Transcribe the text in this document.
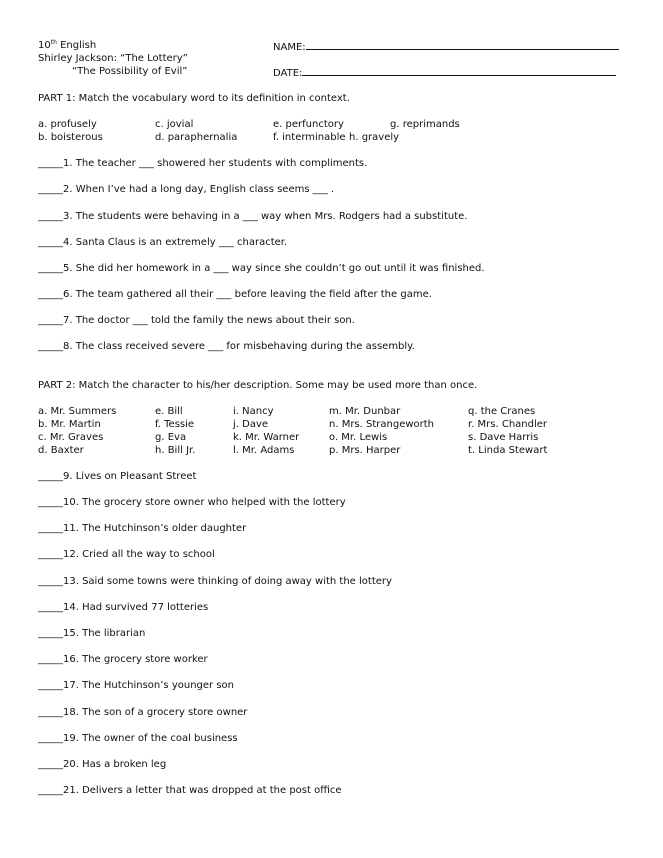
10th English
Shirley Jackson: “The Lottery”
“The Possibility of Evil”
NAME:
DATE:
PART 1: Match the vocabulary word to its definition in context.
a. profusely	c. jovial	e. perfunctory	g. reprimands
b. boisterous	d. paraphernalia	f. interminable h. gravely
_____1. The teacher ___ showered her students with compliments.
_____2. When I’ve had a long day, English class seems ___ .
_____3. The students were behaving in a ___ way when Mrs. Rodgers had a substitute.
_____4. Santa Claus is an extremely ___ character.
_____5. She did her homework in a ___ way since she couldn’t go out until it was finished.
_____6. The team gathered all their ___ before leaving the field after the game.
_____7. The doctor ___ told the family the news about their son.
_____8. The class received severe ___ for misbehaving during the assembly.
PART 2: Match the character to his/her description. Some may be used more than once.
a. Mr. Summers	e. Bill	i. Nancy	m. Mr. Dunbar	q. the Cranes
b. Mr. Martin	f. Tessie	j. Dave	n. Mrs. Strangeworth	r. Mrs. Chandler
c. Mr. Graves	g. Eva	k. Mr. Warner	o. Mr. Lewis	s. Dave Harris
d. Baxter	h. Bill Jr.	l. Mr. Adams	p. Mrs. Harper	t. Linda Stewart
_____9. Lives on Pleasant Street
_____10. The grocery store owner who helped with the lottery
_____11. The Hutchinson’s older daughter
_____12. Cried all the way to school
_____13. Said some towns were thinking of doing away with the lottery
_____14. Had survived 77 lotteries
_____15. The librarian
_____16. The grocery store worker
_____17. The Hutchinson’s younger son
_____18. The son of a grocery store owner
_____19. The owner of the coal business
_____20. Has a broken leg
_____21. Delivers a letter that was dropped at the post office
